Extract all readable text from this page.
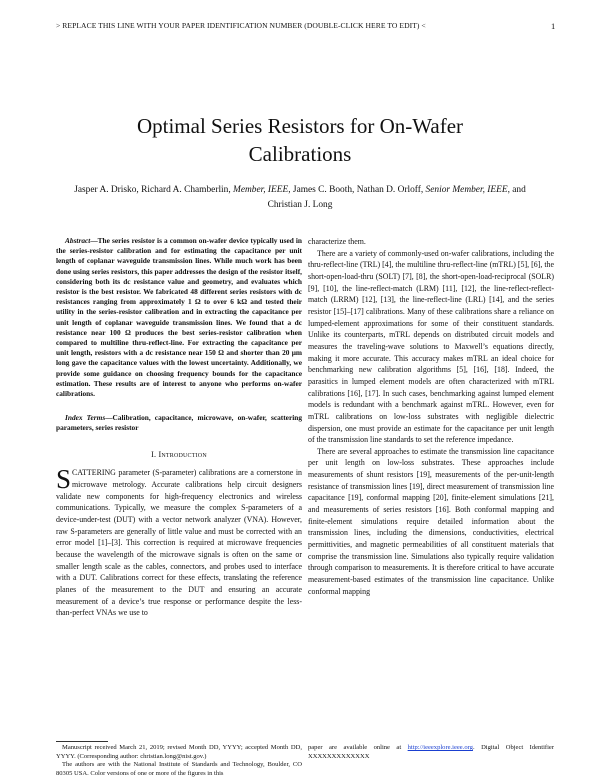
> REPLACE THIS LINE WITH YOUR PAPER IDENTIFICATION NUMBER (DOUBLE-CLICK HERE TO EDIT) <	1
Optimal Series Resistors for On-Wafer
Calibrations
Jasper A. Drisko, Richard A. Chamberlin, Member, IEEE, James C. Booth, Nathan D. Orloff, Senior Member, IEEE, and Christian J. Long

Abstract—The series resistor is a common on-wafer device typically used in the series-resistor calibration and for estimating the capacitance per unit length of coplanar waveguide transmission lines. While much work has been done using series resistors, this paper addresses the design of the resistor itself, considering both its dc resistance value and geometry, and evaluates which resistor is the best resistor. We fabricated 48 different series resistors with dc resistances ranging from approximately 1 Ω to over 6 kΩ and tested their utility in the series-resistor calibration and in extracting the capacitance per unit length of coplanar waveguide transmission lines. We found that a dc resistance near 100 Ω produces the best series-resistor calibration when compared to multiline thru-reflect-line. For extracting the capacitance per unit length, resistors with a dc resistance near 150 Ω and shorter than 20 μm long gave the capacitance values with the lowest uncertainty. Additionally, we provide some guidance on choosing frequency bounds for the capacitance estimation. These results are of interest to anyone who performs on-wafer calibrations.

Index Terms—Calibration, capacitance, microwave, on-wafer, scattering parameters, series resistor

I. Introduction

SCATTERING parameter (S-parameter) calibrations are a cornerstone in microwave metrology. Accurate calibrations help circuit designers validate new components for high-frequency electronics and wireless communications. Typically, we measure the complex S-parameters of a device-under-test (DUT) with a vector network analyzer (VNA). However, raw S-parameters are generally of little value and must be corrected with an error model [1]–[3]. This correction is required at microwave frequencies because the wavelength of the microwave signals is often on the same or smaller length scale as the cables, connectors, and probes used to interface with a DUT. Calibrations correct for these effects, translating the reference planes of the measurement to the DUT and ensuring an accurate measurement of a device’s true response or performance despite the less-than-perfect VNAs we use to

characterize them.

There are a variety of commonly-used on-wafer calibrations, including the thru-reflect-line (TRL) [4], the multiline thru-reflect-line (mTRL) [5], [6], the short-open-load-thru (SOLT) [7], [8], the short-open-load-reciprocal (SOLR) [9], [10], the line-reflect-match (LRM) [11], [12], the line-reflect-reflect-match (LRRM) [12], [13], the line-reflect-line (LRL) [14], and the series resistor [15]–[17] calibrations. Many of these calibrations share a reliance on lumped-element approximations for some of their constituent standards. Unlike its counterparts, mTRL depends on distributed circuit models and measures the traveling-wave solutions to Maxwell’s equations directly, making it more accurate. This accuracy makes mTRL an ideal choice for benchmarking new calibration algorithms [5], [16], [18]. Indeed, the parasitics in lumped element models are often characterized with mTRL calibrations [16], [17]. In such cases, benchmarking against lumped element models is redundant with a benchmark against mTRL. However, even for mTRL calibrations on low-loss substrates with negligible dielectric dispersion, one must provide an estimate for the capacitance per unit length of the transmission line standards to set the reference impedance.

There are several approaches to estimate the transmission line capacitance per unit length on low-loss substrates. These approaches include measurements of shunt resistors [19], measurements of the per-unit-length resistance of transmission lines [19], direct measurement of transmission line capacitance [19], conformal mapping [20], finite-element simulations [21], and measurements of series resistors [16]. Both conformal mapping and finite-element simulations require detailed information about the transmission lines, including the dimensions, conductivities, electrical permittivities, and magnetic permeabilities of all constituent materials that comprise the transmission line. Simulations also typically require validation through comparison to measurements. It is therefore critical to have accurate measurement-based estimates of the transmission line capacitance. Unlike conformal mapping

Manuscript received March 21, 2019; revised Month DD, YYYY; accepted Month DD, YYYY. (Corresponding author: christian.long@nist.gov.)

The authors are with the National Institute of Standards and Technology, Boulder, CO 80305 USA. Color versions of one or more of the figures in this

paper are available online at http://ieeexplore.ieee.org. Digital Object Identifier XXXXXXXXXXXXX
